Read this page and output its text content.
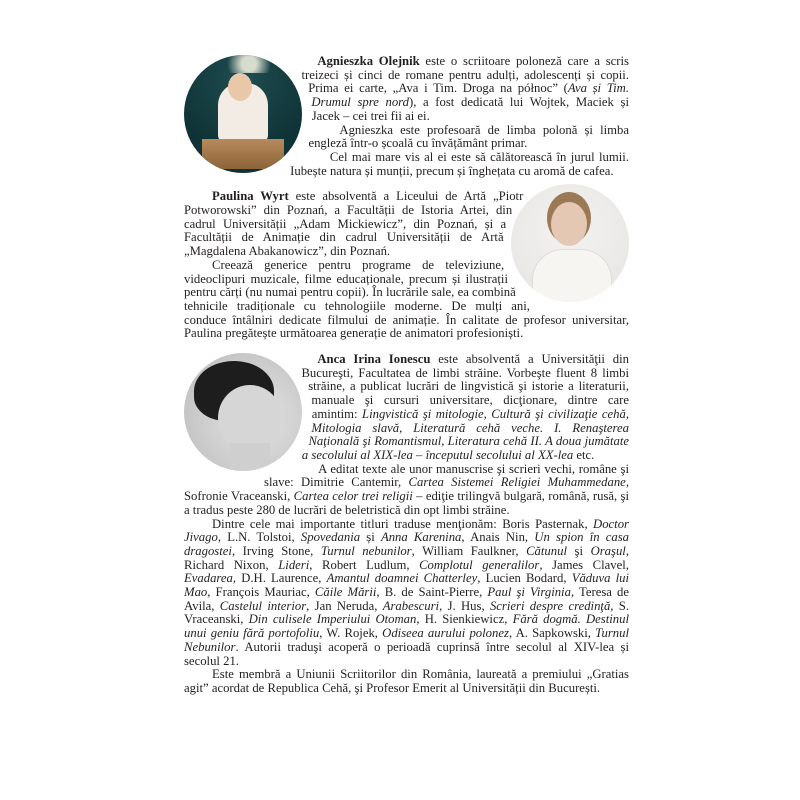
Agnieszka Olejnik este o scriitoare poloneză care a scris treizeci și cinci de romane pentru adulți, adolescenți și copii. Prima ei carte, „Ava i Tim. Droga na północ” (Ava și Tim. Drumul spre nord), a fost dedicată lui Wojtek, Maciek și Jacek – cei trei fii ai ei.

Agnieszka este profesoară de limba polonă și limba engleză într-o școală cu învățământ primar.

Cel mai mare vis al ei este să călătorească în jurul lumii. Iubește natura și munții, precum și înghețata cu aromă de cafea.

Paulina Wyrt este absolventă a Liceului de Artă „Piotr Potworowski” din Poznań, a Facultății de Istoria Artei, din cadrul Universității „Adam Mickiewicz”, din Poznań, și a Facultății de Animație din cadrul Universității de Artă „Magdalena Abakanowicz”, din Poznań.

Creează generice pentru programe de televiziune, videoclipuri muzicale, filme educaționale, precum și ilustrații pentru cărți (nu numai pentru copii). În lucrările sale, ea combină tehnicile tradiționale cu tehnologiile moderne. De mulți ani, conduce întâlniri dedicate filmului de animație. În calitate de profesor universitar, Paulina pregătește următoarea generație de animatori profesioniști.

Anca Irina Ionescu este absolventă a Universităţii din Bucureşti, Facultatea de limbi străine. Vorbeşte fluent 8 limbi străine, a publicat lucrări de lingvistică şi istorie a literaturii, manuale şi cursuri universitare, dicţionare, dintre care amintim: Lingvistică şi mitologie, Cultură şi civilizaţie cehă, Mitologia slavă, Literatură cehă veche. I. Renaşterea Naţională şi Romantismul, Literatura cehă II. A doua jumătate a secolului al XIX-lea – începutul secolului al XX-lea etc.

A editat texte ale unor manuscrise şi scrieri vechi, române şi slave: Dimitrie Cantemir, Cartea Sistemei Religiei Muhammedane, Sofronie Vraceanski, Cartea celor trei religii – ediţie trilingvă bulgară, română, rusă, şi a tradus peste 280 de lucrări de beletristică din opt limbi străine.

Dintre cele mai importante titluri traduse menţionăm: Boris Pasternak, Doctor Jivago, L.N. Tolstoi, Spovedania și Anna Karenina, Anais Nin, Un spion în casa dragostei, Irving Stone, Turnul nebunilor, William Faulkner, Cătunul şi Oraşul, Richard Nixon, Lideri, Robert Ludlum, Complotul generalilor, James Clavel, Evadarea, D.H. Laurence, Amantul doamnei Chatterley, Lucien Bodard, Văduva lui Mao, François Mauriac, Căile Mării, B. de Saint-Pierre, Paul şi Virginia, Teresa de Avila, Castelul interior, Jan Neruda, Arabescuri, J. Hus, Scrieri despre credinţă, S. Vraceanski, Din culisele Imperiului Otoman, H. Sienkiewicz, Fără dogmă. Destinul unui geniu fără portofoliu, W. Rojek, Odiseea aurului polonez, A. Sapkowski, Turnul Nebunilor. Autorii traduşi acoperă o perioadă cuprinsă între secolul al XIV-lea și secolul 21.

Este membră a Uniunii Scriitorilor din România, laureată a premiului „Gratias agit” acordat de Republica Cehă, şi Profesor Emerit al Universității din București.
